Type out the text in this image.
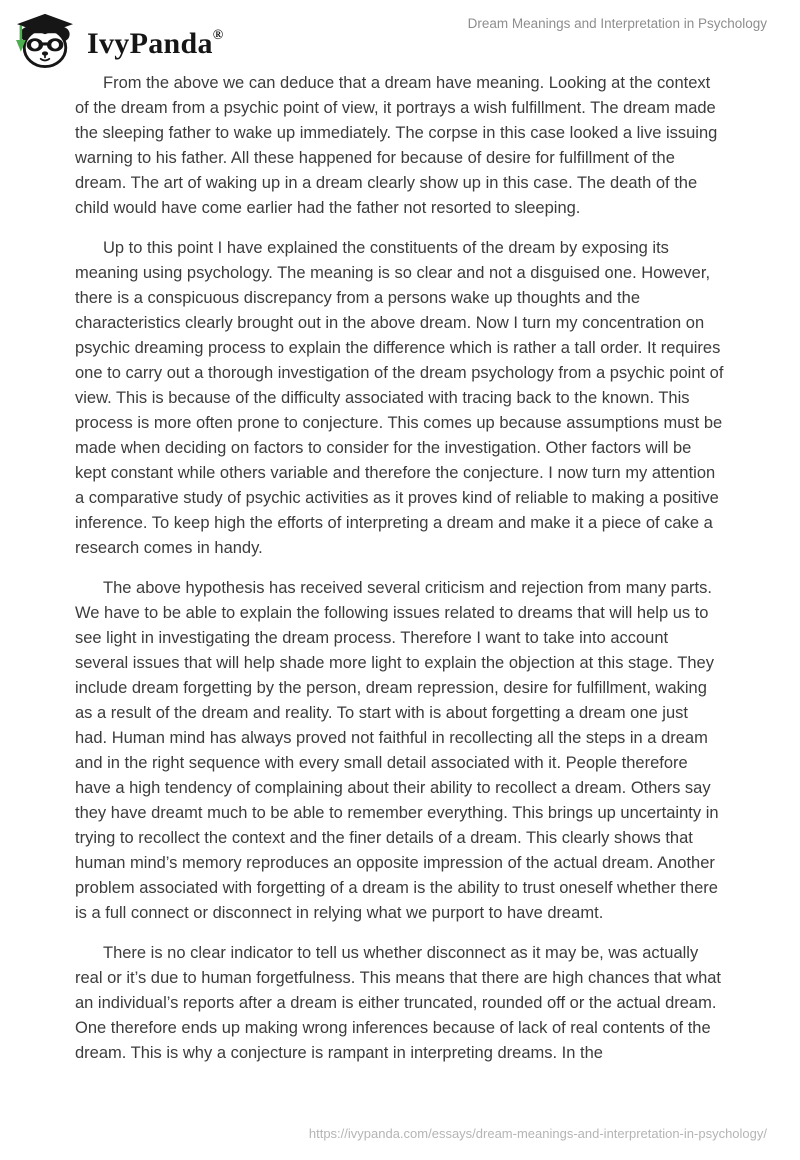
IvyPanda®
Dream Meanings and Interpretation in Psychology

From the above we can deduce that a dream have meaning. Looking at the context of the dream from a psychic point of view, it portrays a wish fulfillment. The dream made the sleeping father to wake up immediately. The corpse in this case looked a live issuing warning to his father. All these happened for because of desire for fulfillment of the dream. The art of waking up in a dream clearly show up in this case. The death of the child would have come earlier had the father not resorted to sleeping.

Up to this point I have explained the constituents of the dream by exposing its meaning using psychology. The meaning is so clear and not a disguised one. However, there is a conspicuous discrepancy from a persons wake up thoughts and the characteristics clearly brought out in the above dream. Now I turn my concentration on psychic dreaming process to explain the difference which is rather a tall order. It requires one to carry out a thorough investigation of the dream psychology from a psychic point of view. This is because of the difficulty associated with tracing back to the known. This process is more often prone to conjecture. This comes up because assumptions must be made when deciding on factors to consider for the investigation. Other factors will be kept constant while others variable and therefore the conjecture. I now turn my attention a comparative study of psychic activities as it proves kind of reliable to making a positive inference. To keep high the efforts of interpreting a dream and make it a piece of cake a research comes in handy.

The above hypothesis has received several criticism and rejection from many parts. We have to be able to explain the following issues related to dreams that will help us to see light in investigating the dream process. Therefore I want to take into account several issues that will help shade more light to explain the objection at this stage. They include dream forgetting by the person, dream repression, desire for fulfillment, waking as a result of the dream and reality. To start with is about forgetting a dream one just had. Human mind has always proved not faithful in recollecting all the steps in a dream and in the right sequence with every small detail associated with it. People therefore have a high tendency of complaining about their ability to recollect a dream. Others say they have dreamt much to be able to remember everything. This brings up uncertainty in trying to recollect the context and the finer details of a dream. This clearly shows that human mind’s memory reproduces an opposite impression of the actual dream. Another problem associated with forgetting of a dream is the ability to trust oneself whether there is a full connect or disconnect in relying what we purport to have dreamt.

There is no clear indicator to tell us whether disconnect as it may be, was actually real or it’s due to human forgetfulness. This means that there are high chances that what an individual’s reports after a dream is either truncated, rounded off or the actual dream. One therefore ends up making wrong inferences because of lack of real contents of the dream. This is why a conjecture is rampant in interpreting dreams. In the

https://ivypanda.com/essays/dream-meanings-and-interpretation-in-psychology/
